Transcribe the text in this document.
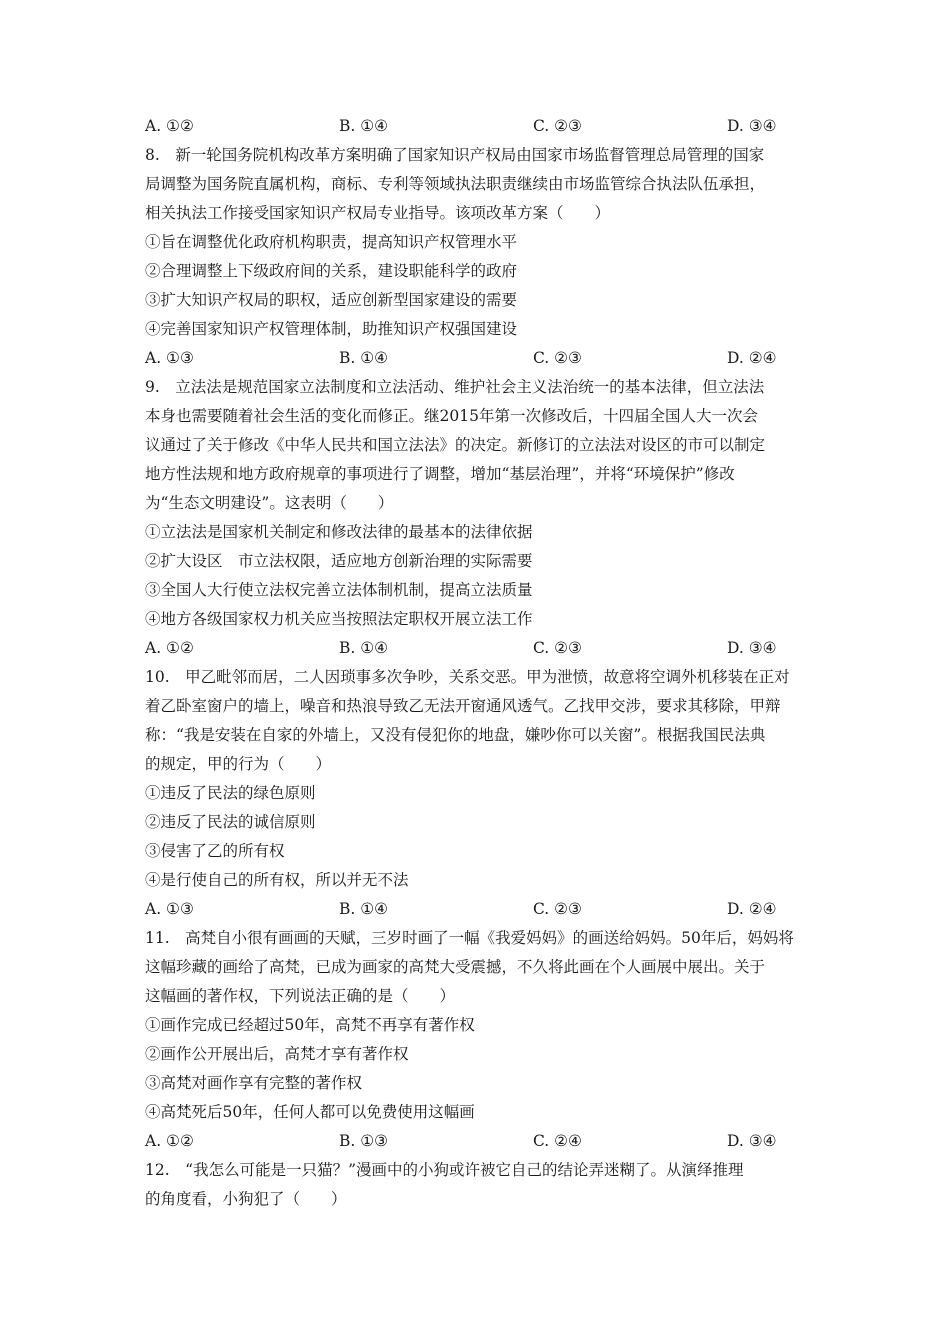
A. ①②	B. ①④	C. ②③	D. ③④
8.　新一轮国务院机构改革方案明确了国家知识产权局由国家市场监督管理总局管理的国家
局调整为国务院直属机构，商标、专利等领域执法职责继续由市场监管综合执法队伍承担，
相关执法工作接受国家知识产权局专业指导。该项改革方案（　　）
①旨在调整优化政府机构职责，提高知识产权管理水平
②合理调整上下级政府间的关系，建设职能科学的政府
③扩大知识产权局的职权，适应创新型国家建设的需要
④完善国家知识产权管理体制，助推知识产权强国建设
A. ①③	B. ①④	C. ②③	D. ②④
9.　立法法是规范国家立法制度和立法活动、维护社会主义法治统一的基本法律，但立法法
本身也需要随着社会生活的变化而修正。继2015年第一次修改后，十四届全国人大一次会
议通过了关于修改《中华人民共和国立法法》的决定。新修订的立法法对设区的市可以制定
地方性法规和地方政府规章的事项进行了调整，增加“基层治理”，并将“环境保护”修改
为“生态文明建设”。这表明（　　）
①立法法是国家机关制定和修改法律的最基本的法律依据
②扩大设区　市立法权限，适应地方创新治理的实际需要
③全国人大行使立法权完善立法体制机制，提高立法质量
④地方各级国家权力机关应当按照法定职权开展立法工作
A. ①②	B. ①④	C. ②③	D. ③④
10.　甲乙毗邻而居，二人因琐事多次争吵，关系交恶。甲为泄愤，故意将空调外机移装在正对
着乙卧室窗户的墙上，噪音和热浪导致乙无法开窗通风透气。乙找甲交涉，要求其移除，甲辩
称：“我是安装在自家的外墙上，又没有侵犯你的地盘，嫌吵你可以关窗”。根据我国民法典
的规定，甲的行为（　　）
①违反了民法的绿色原则
②违反了民法的诚信原则
③侵害了乙的所有权
④是行使自己的所有权，所以并无不法
A. ①③	B. ①④	C. ②③	D. ②④
11.　高梵自小很有画画的天赋，三岁时画了一幅《我爱妈妈》的画送给妈妈。50年后，妈妈将
这幅珍藏的画给了高梵，已成为画家的高梵大受震撼，不久将此画在个人画展中展出。关于
这幅画的著作权，下列说法正确的是（　　）
①画作完成已经超过50年，高梵不再享有著作权
②画作公开展出后，高梵才享有著作权
③高梵对画作享有完整的著作权
④高梵死后50年，任何人都可以免费使用这幅画
A. ①②	B. ①③	C. ②④	D. ③④
12.　“我怎么可能是一只猫？”漫画中的小狗或许被它自己的结论弄迷糊了。从演绎推理
的角度看，小狗犯了（　　）
